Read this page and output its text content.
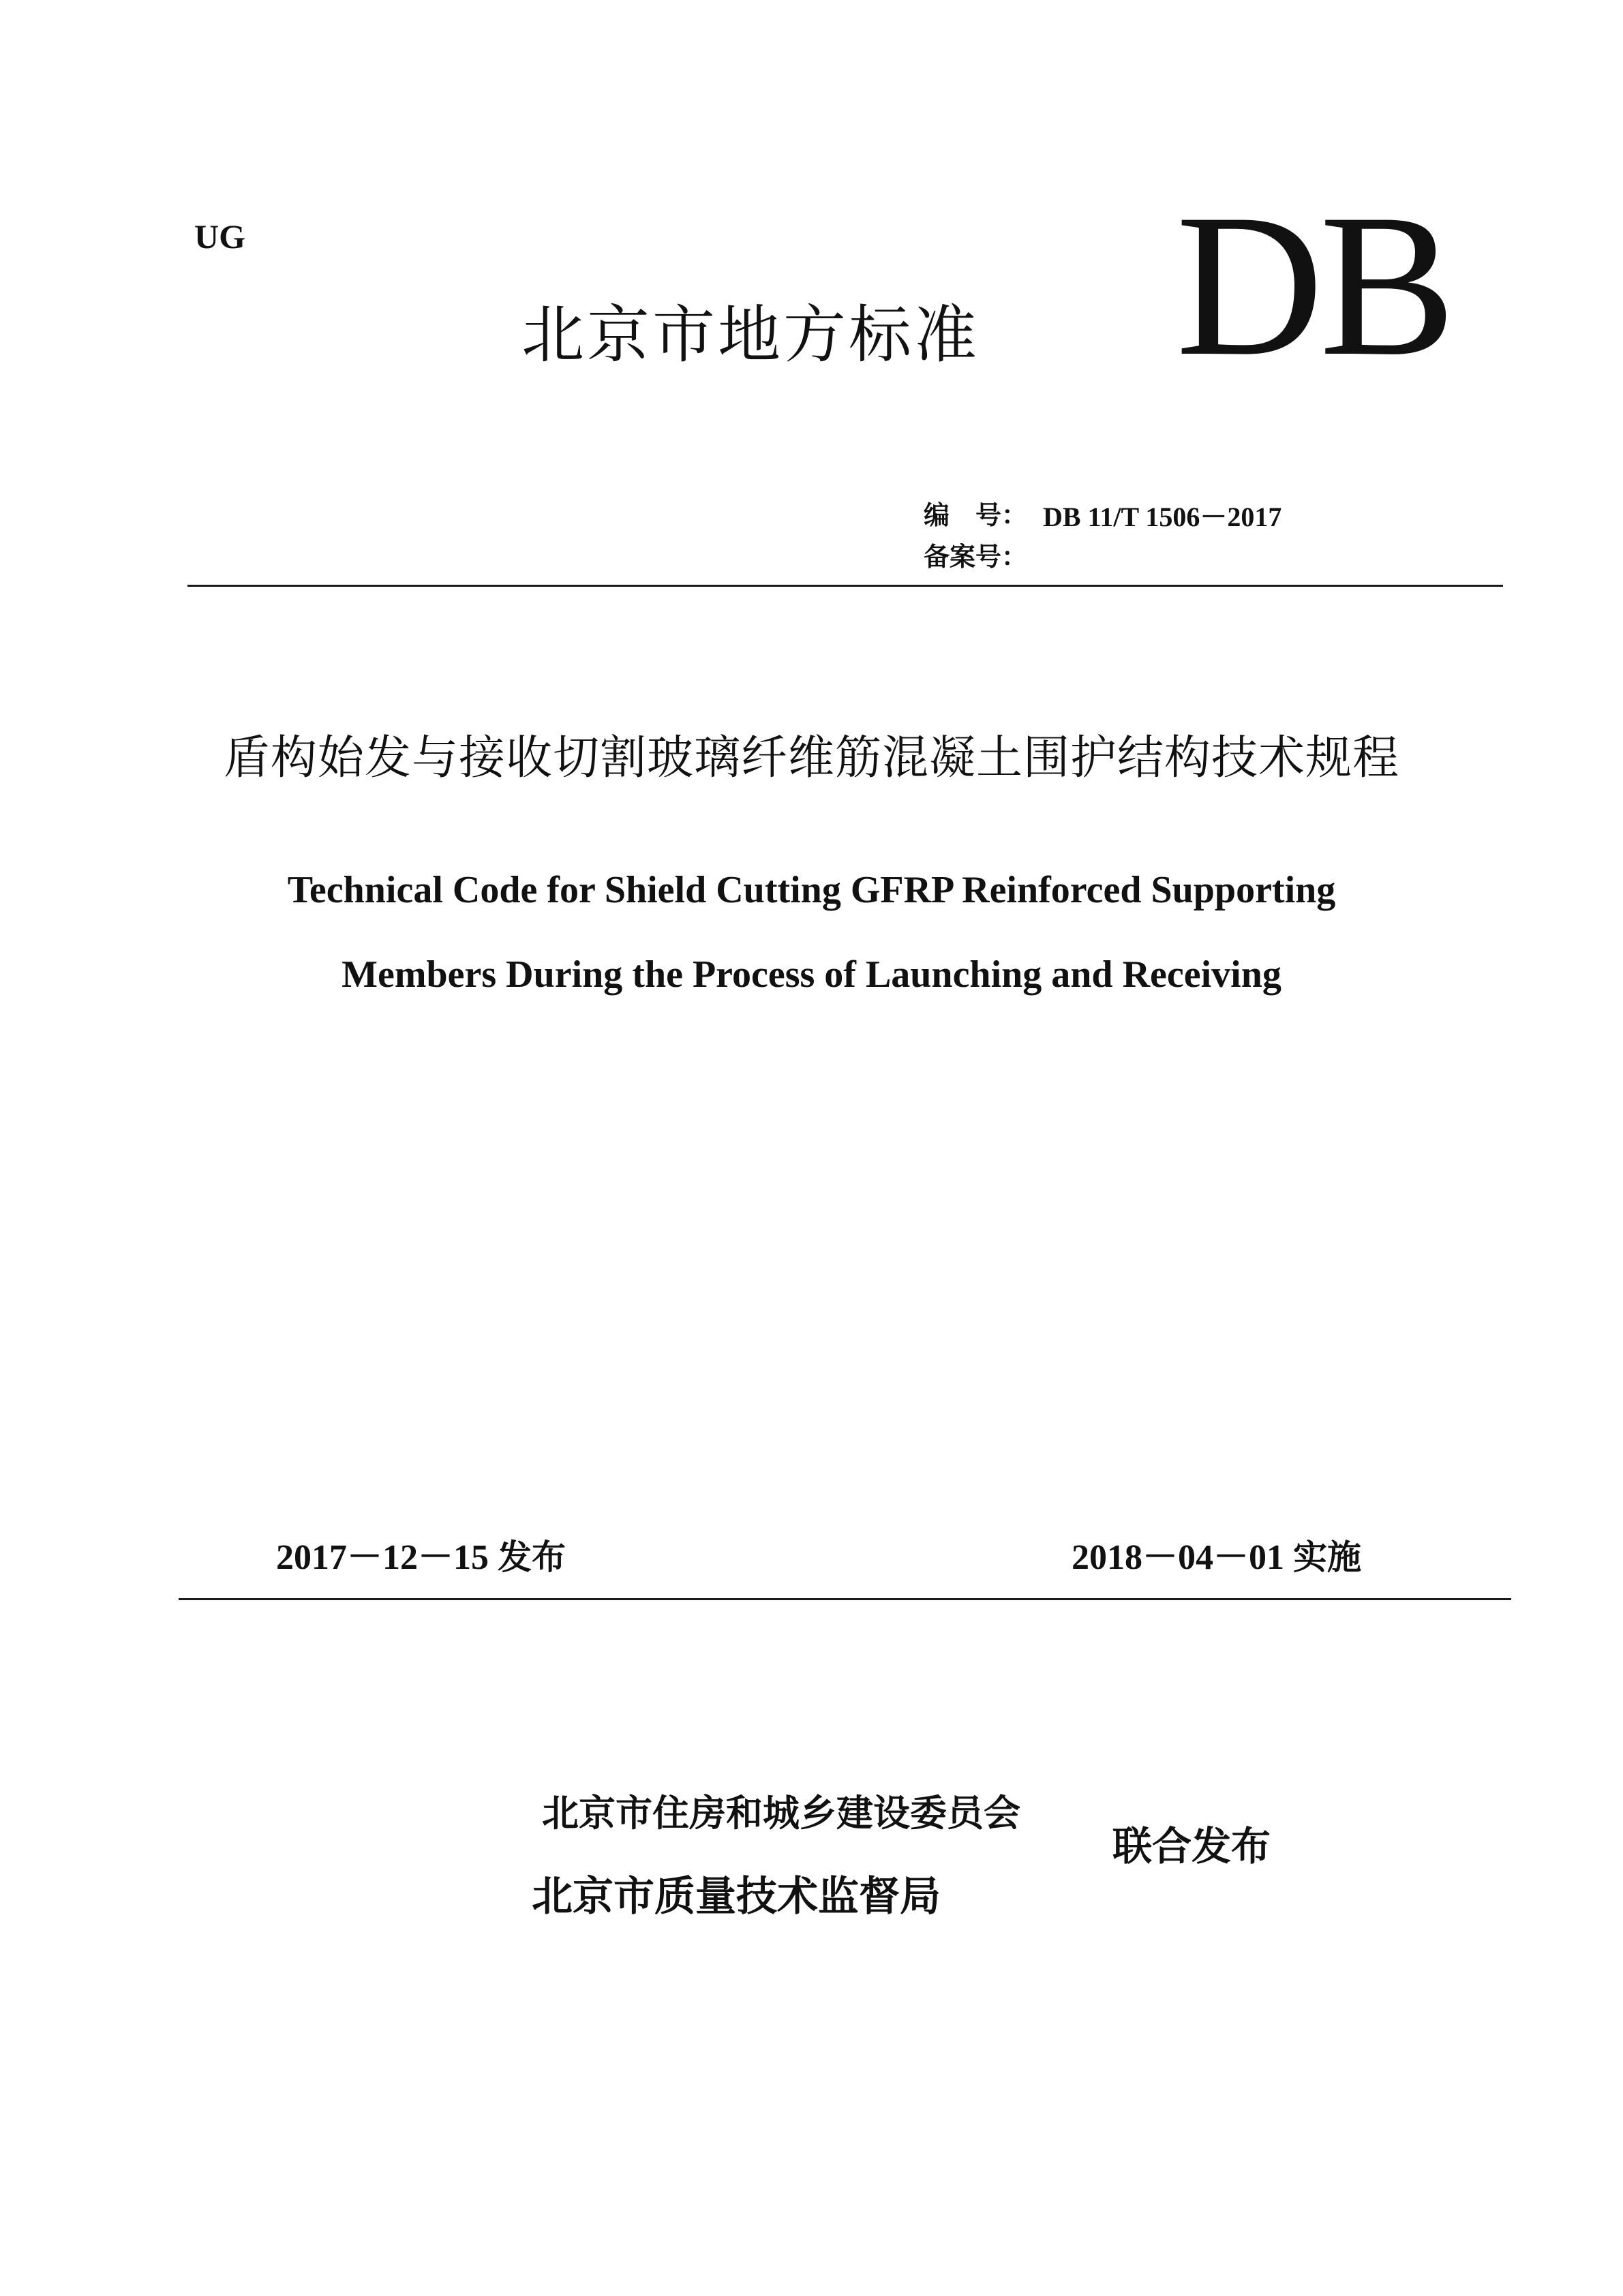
UG
北京市地方标准 DB
编　号： DB 11/T 1506－2017
备案号：
盾构始发与接收切割玻璃纤维筋混凝土围护结构技术规程
Technical Code for Shield Cutting GFRP Reinforced Supporting
Members During the Process of Launching and Receiving
2017－12－15 发布	2018－04－01 实施
北京市住房和城乡建设委员会
北京市质量技术监督局
联合发布
